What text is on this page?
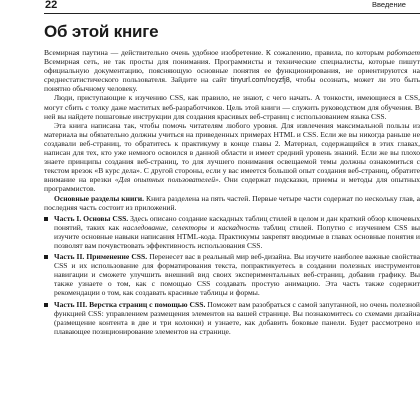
22	Введение
Об этой книге

Всемирная паутина — действительно очень удобное изобретение. К сожалению, правила, по которым работает Всемирная сеть, не так просты для понимания. Программисты и технические специалисты, которые пишут официальную документацию, поясняющую основные понятия ее функционирования, не ориентируются на среднестатистического пользователя. Зайдите на сайт tinyurl.com/ncyzfj8, чтобы осознать, может ли это быть понятно обычному человеку.

Люди, приступающие к изучению CSS, как правило, не знают, с чего начать. А тонкости, имеющиеся в CSS, могут сбить с толку даже маститых веб-разработчиков. Цель этой книги — служить руководством для обучения. В ней вы найдете пошаговые инструкции для создания красивых веб-страниц с использованием языка CSS.

Эта книга написана так, чтобы помочь читателям любого уровня. Для извлечения максимальной пользы из материала вы обязательно должны учиться на приведенных примерах HTML и CSS. Если же вы никогда раньше не создавали веб-страниц, то обратитесь к практикуму в конце главы 2. Материал, содержащийся в этих главах, написан для тех, кто уже немного освоился в данной области и имеет средний уровень знаний. Если же вы плохо знаете принципы создания веб-страниц, то для лучшего понимания освещаемой темы должны ознакомиться с текстом врезок «В курс дела». С другой стороны, если у вас имеется большой опыт создания веб-страниц, обратите внимание на врезки «Для опытных пользователей». Они содержат подсказки, приемы и методы для опытных программистов.

Основные разделы книги. Книга разделена на пять частей. Первые четыре части содержат по нескольку глав, а последняя часть состоит из приложений.

Часть I. Основы CSS. Здесь описано создание каскадных таблиц стилей в целом и дан краткий обзор ключевых понятий, таких как наследование, селекторы и каскадность таблиц стилей. Попутно с изучением CSS вы изучите основные навыки написания HTML-кода. Практикумы закрепят вводимые в главах основные понятия и позволят вам почувствовать эффективность использования CSS.
Часть II. Применение CSS. Перенесет вас в реальный мир веб-дизайна. Вы изучите наиболее важные свойства CSS и их использование для форматирования текста, попрактикуетесь в создании полезных инструментов навигации и сможете улучшить внешний вид своих экспериментальных веб-страниц, добавив графику. Вы также узнаете о том, как с помощью CSS создавать простую анимацию. Эта часть также содержит рекомендации о том, как создавать красивые таблицы и формы.
Часть III. Верстка страниц с помощью CSS. Поможет вам разобраться с самой запутанной, но очень полезной функцией CSS: управлением размещения элементов на вашей странице. Вы познакомитесь со схемами дизайна (размещение контента в две и три колонки) и узнаете, как добавить боковые панели. Будет рассмотрено и плавающее позиционирование элементов на странице.
